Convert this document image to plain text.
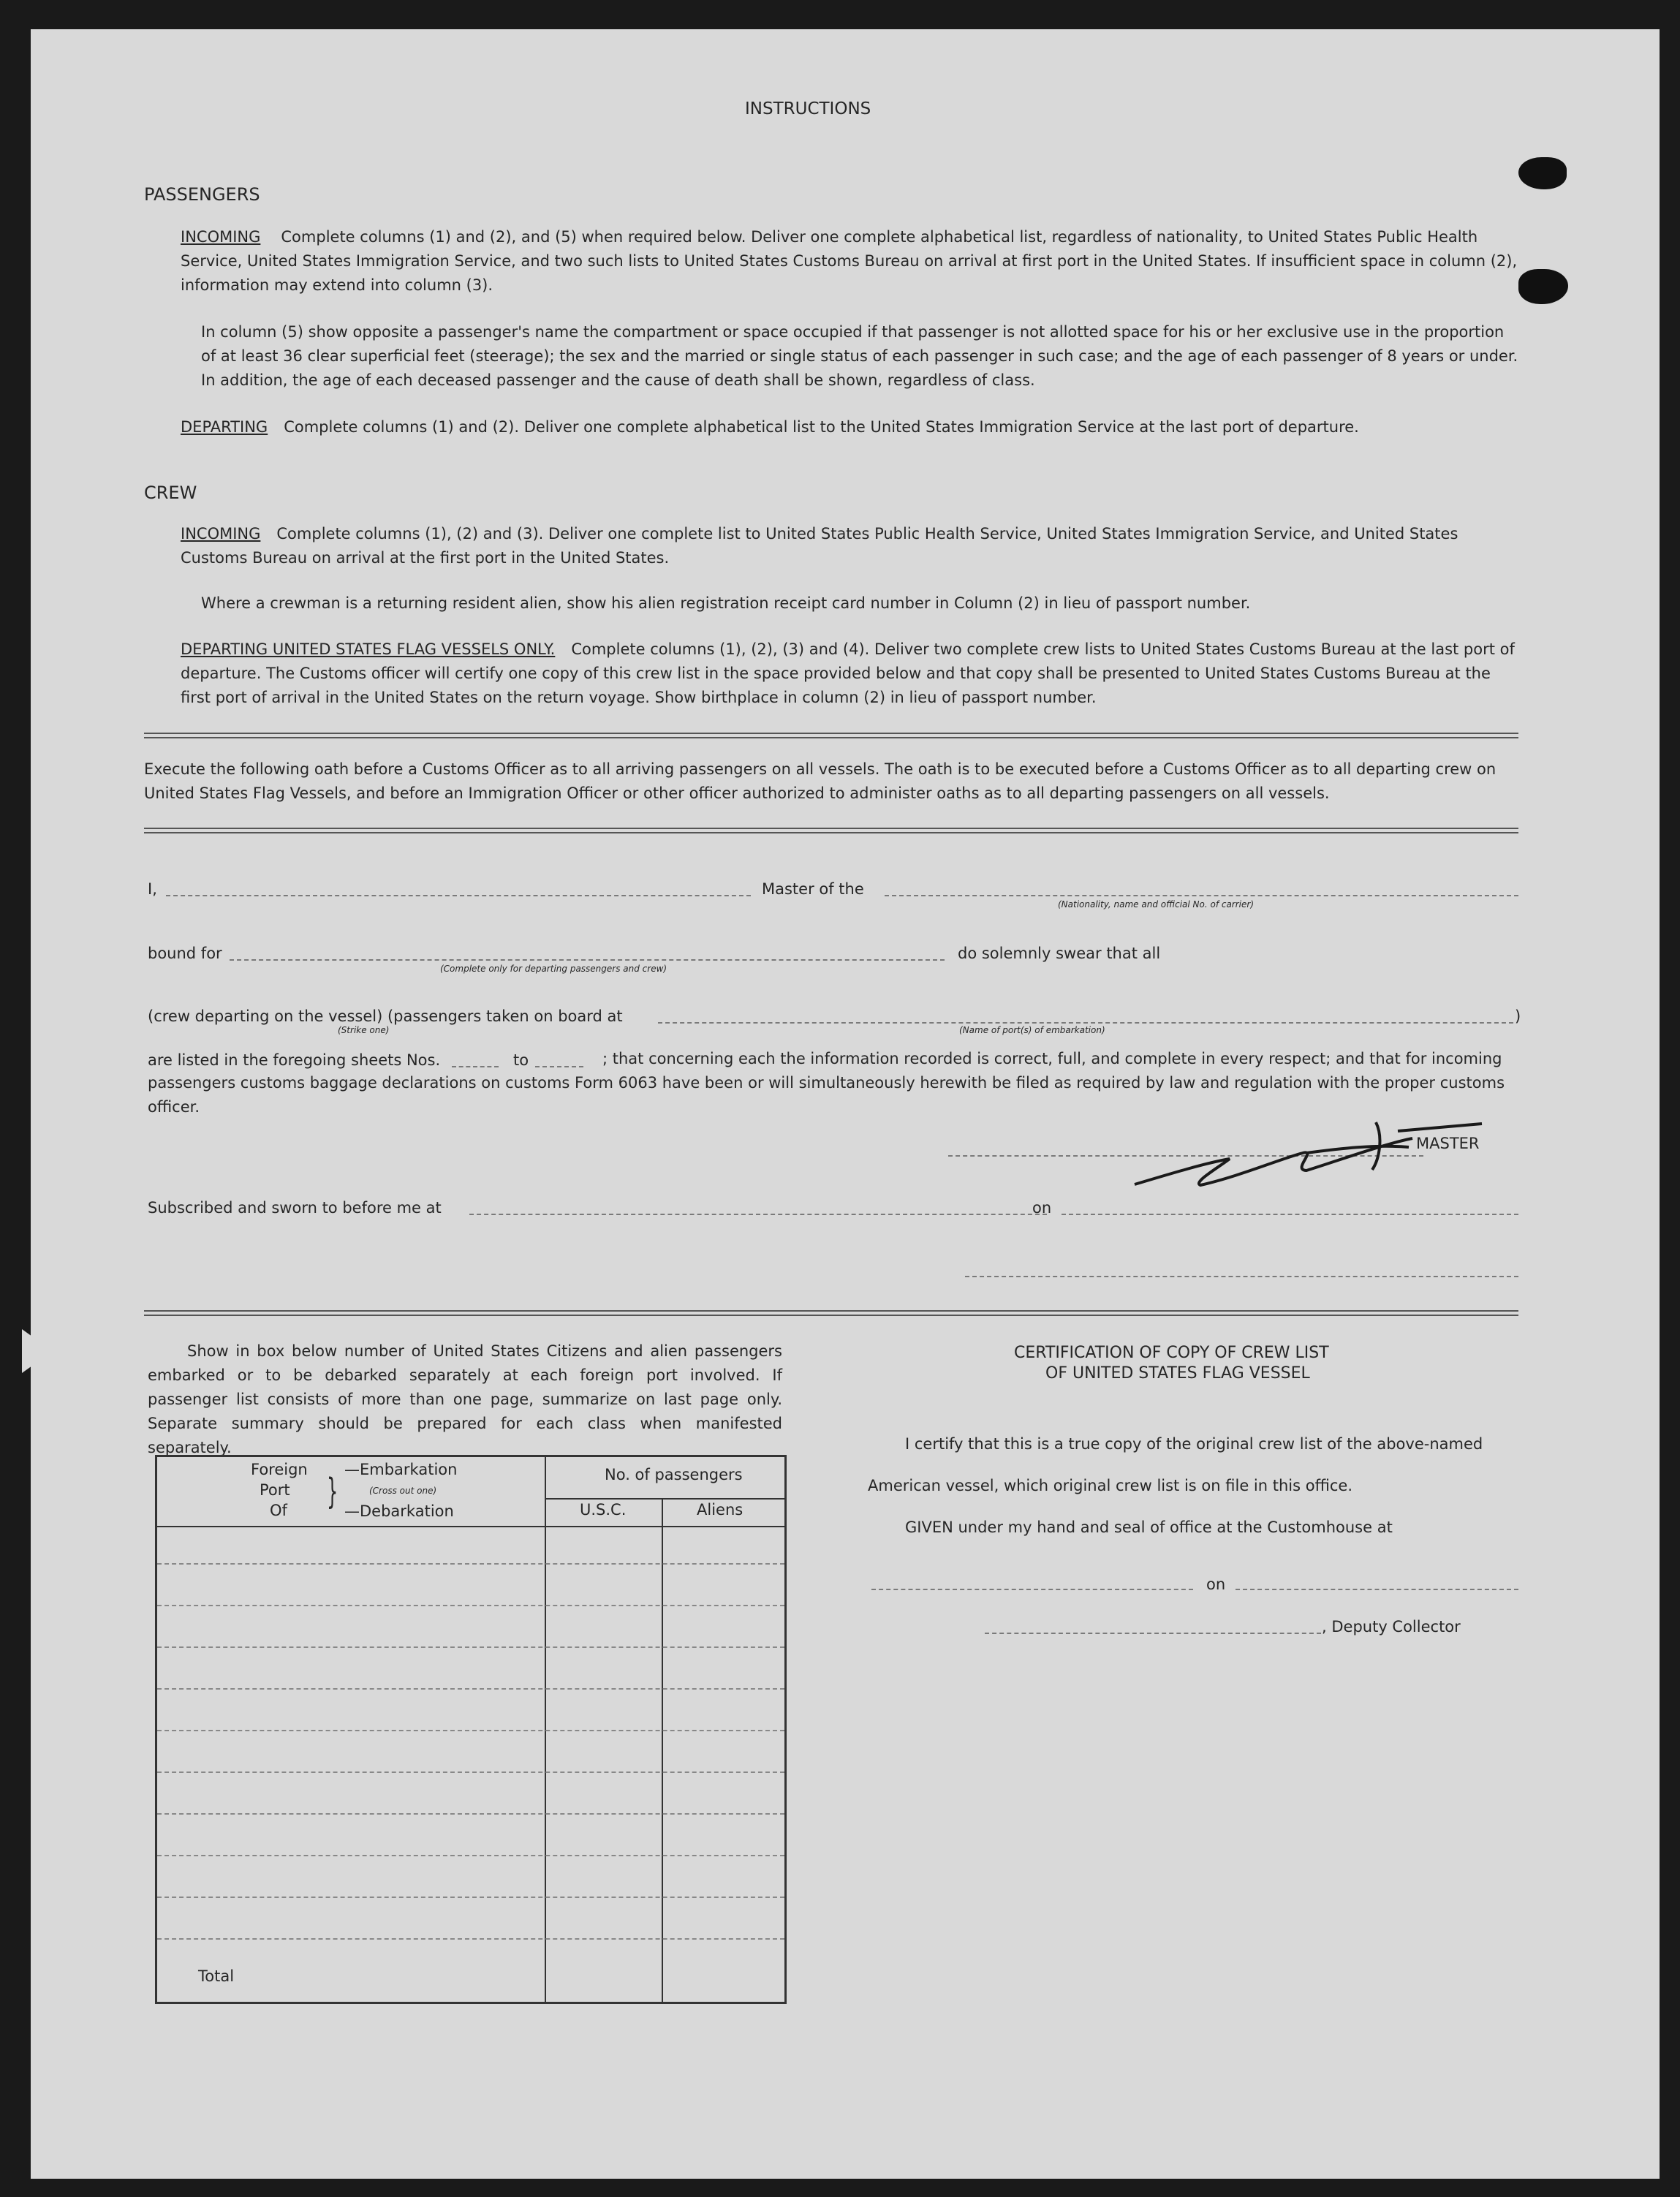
INSTRUCTIONS
PASSENGERS
INCOMING Complete columns (1) and (2), and (5) when required below. Deliver one complete alphabetical list, regardless of nationality, to United States Public Health Service, United States Immigration Service, and two such lists to United States Customs Bureau on arrival at first port in the United States. If insufficient space in column (2), information may extend into column (3).
In column (5) show opposite a passenger's name the compartment or space occupied if that passenger is not allotted space for his or her exclusive use in the proportion of at least 36 clear superficial feet (steerage); the sex and the married or single status of each passenger in such case; and the age of each passenger of 8 years or under. In addition, the age of each deceased passenger and the cause of death shall be shown, regardless of class.
DEPARTING Complete columns (1) and (2). Deliver one complete alphabetical list to the United States Immigration Service at the last port of departure.
CREW
INCOMING Complete columns (1), (2) and (3). Deliver one complete list to United States Public Health Service, United States Immigration Service, and United States Customs Bureau on arrival at the first port in the United States.
Where a crewman is a returning resident alien, show his alien registration receipt card number in Column (2) in lieu of passport number.
DEPARTING UNITED STATES FLAG VESSELS ONLY. Complete columns (1), (2), (3) and (4). Deliver two complete crew lists to United States Customs Bureau at the last port of departure. The Customs officer will certify one copy of this crew list in the space provided below and that copy shall be presented to United States Customs Bureau at the first port of arrival in the United States on the return voyage. Show birthplace in column (2) in lieu of passport number.
Execute the following oath before a Customs Officer as to all arriving passengers on all vessels. The oath is to be executed before a Customs Officer as to all departing crew on United States Flag Vessels, and before an Immigration Officer or other officer authorized to administer oaths as to all departing passengers on all vessels.
I,	Master of the
(Nationality, name and official No. of carrier)
bound for
(Complete only for departing passengers and crew)
do solemnly swear that all
(crew departing on the vessel) (passengers taken on board at	)
(Strike one)	(Name of port(s) of embarkation)
are listed in the foregoing sheets Nos.	to	; that concerning each the information recorded is correct, full, and complete in every respect; and that for incoming passengers customs baggage declarations on customs Form 6063 have been or will simultaneously herewith be filed as required by law and regulation with the proper customs officer.
MASTER
Subscribed and sworn to before me at	on
Show in box below number of United States Citizens and alien passengers embarked or to be debarked separately at each foreign port involved. If passenger list consists of more than one page, summarize on last page only. Separate summary should be prepared for each class when manifested separately.
Foreign
Port
Of }
—Embarkation
(Cross out one)
—Debarkation
No. of passengers
U.S.C.	Aliens
Total
CERTIFICATION OF COPY OF CREW LIST
OF UNITED STATES FLAG VESSEL
I certify that this is a true copy of the original crew list of the above-named
American vessel, which original crew list is on file in this office.
GIVEN under my hand and seal of office at the Customhouse at
on
, Deputy Collector
